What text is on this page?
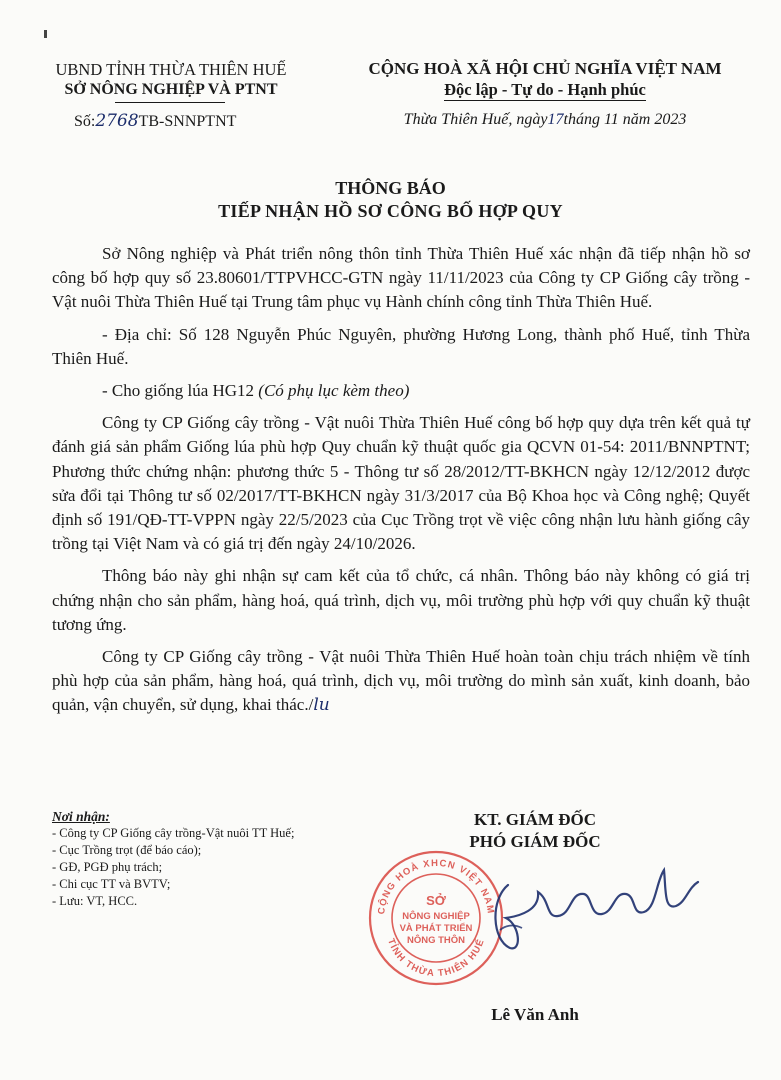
UBND TỈNH THỪA THIÊN HUẾ
SỞ NÔNG NGHIỆP VÀ PTNT
Số:2768TB-SNNPTNT
CỘNG HOÀ XÃ HỘI CHỦ NGHĨA VIỆT NAM
Độc lập - Tự do - Hạnh phúc
Thừa Thiên Huế, ngày17tháng 11 năm 2023
THÔNG BÁO
TIẾP NHẬN HỒ SƠ CÔNG BỐ HỢP QUY

Sở Nông nghiệp và Phát triển nông thôn tỉnh Thừa Thiên Huế xác nhận đã tiếp nhận hồ sơ công bố hợp quy số 23.80601/TTPVHCC-GTN ngày 11/11/2023 của Công ty CP Giống cây trồng - Vật nuôi Thừa Thiên Huế tại Trung tâm phục vụ Hành chính công tỉnh Thừa Thiên Huế.

- Địa chỉ: Số 128 Nguyễn Phúc Nguyên, phường Hương Long, thành phố Huế, tỉnh Thừa Thiên Huế.

- Cho giống lúa HG12 (Có phụ lục kèm theo)

Công ty CP Giống cây trồng - Vật nuôi Thừa Thiên Huế công bố hợp quy dựa trên kết quả tự đánh giá sản phẩm Giống lúa phù hợp Quy chuẩn kỹ thuật quốc gia QCVN 01-54: 2011/BNNPTNT; Phương thức chứng nhận: phương thức 5 - Thông tư số 28/2012/TT-BKHCN ngày 12/12/2012 được sửa đổi tại Thông tư số 02/2017/TT-BKHCN ngày 31/3/2017 của Bộ Khoa học và Công nghệ; Quyết định số 191/QĐ-TT-VPPN ngày 22/5/2023 của Cục Trồng trọt về việc công nhận lưu hành giống cây trồng tại Việt Nam và có giá trị đến ngày 24/10/2026.

Thông báo này ghi nhận sự cam kết của tổ chức, cá nhân. Thông báo này không có giá trị chứng nhận cho sản phẩm, hàng hoá, quá trình, dịch vụ, môi trường phù hợp với quy chuẩn kỹ thuật tương ứng.

Công ty CP Giống cây trồng - Vật nuôi Thừa Thiên Huế hoàn toàn chịu trách nhiệm về tính phù hợp của sản phẩm, hàng hoá, quá trình, dịch vụ, môi trường do mình sản xuất, kinh doanh, bảo quản, vận chuyển, sử dụng, khai thác./lu

Nơi nhận:
- Công ty CP Giống cây trồng-Vật nuôi TT Huế;
- Cục Trồng trọt (để báo cáo);
- GĐ, PGĐ phụ trách;
- Chi cục TT và BVTV;
- Lưu: VT, HCC.
KT. GIÁM ĐỐC
PHÓ GIÁM ĐỐC
CỘNG HOÀ XHCN VIỆT NAM
TỈNH THỪA THIÊN HUẾ
SỞ
NÔNG NGHIỆP
VÀ PHÁT TRIỂN
NÔNG THÔN
Lê Văn Anh
